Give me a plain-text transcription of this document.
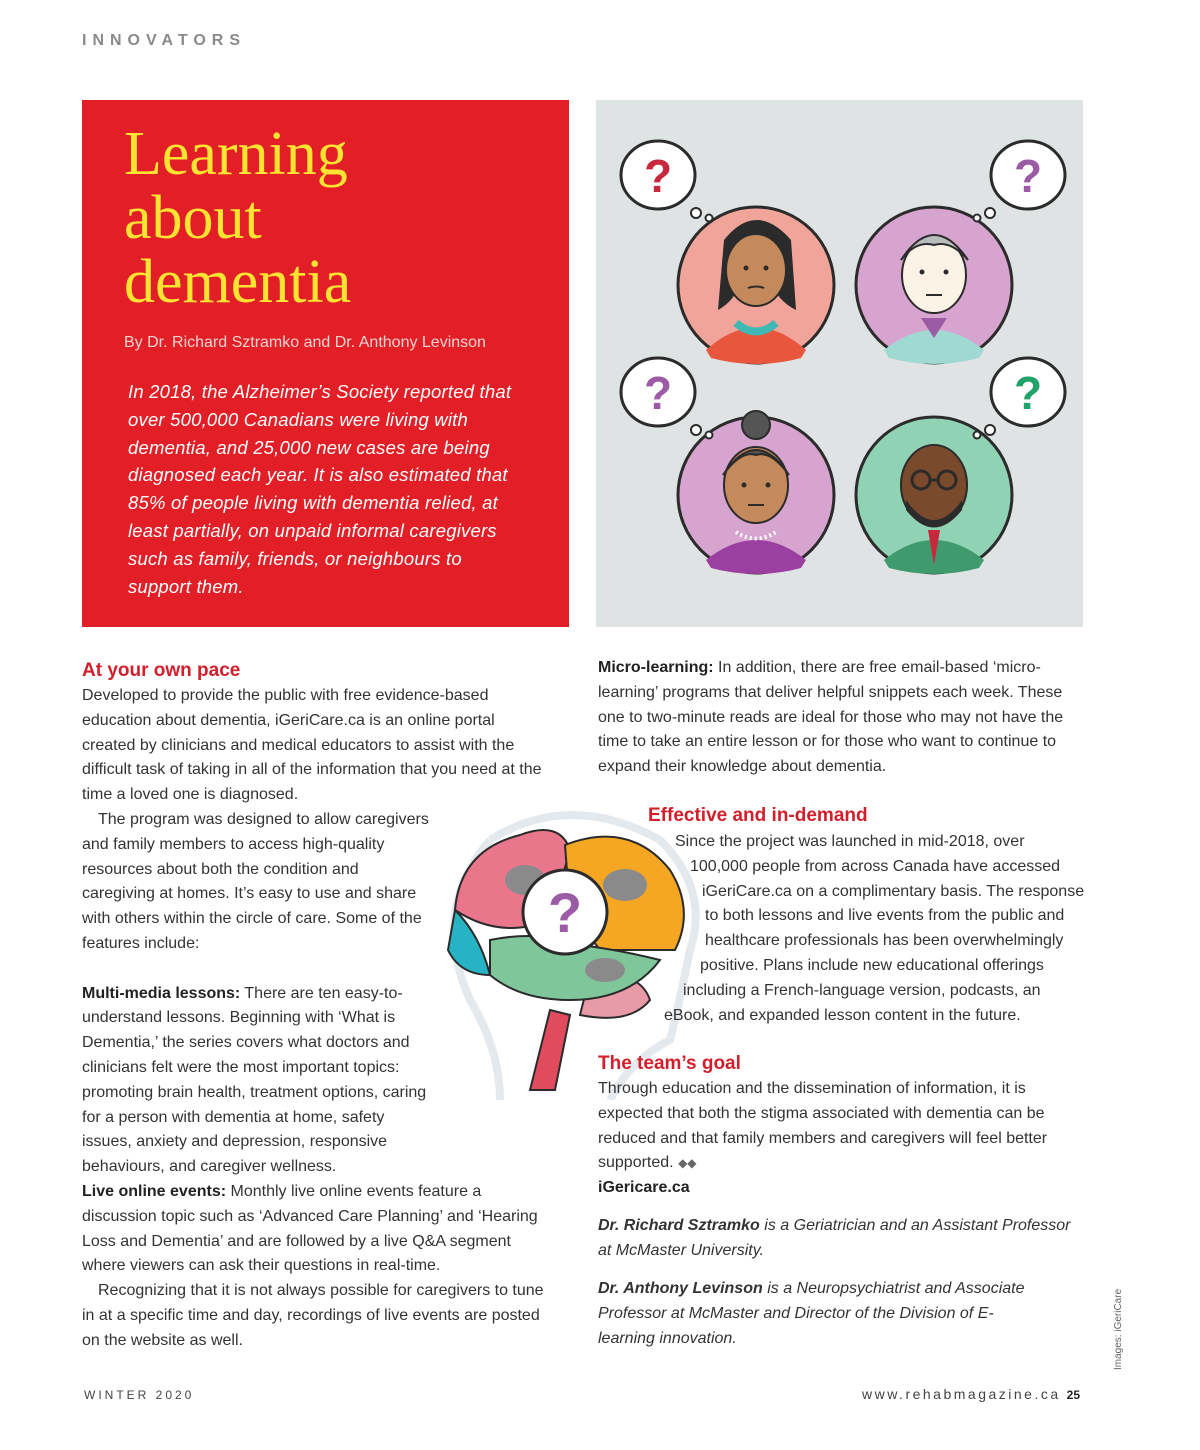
INNOVATORS
Learning
about
dementia
By Dr. Richard Sztramko and Dr. Anthony Levinson
In 2018, the Alzheimer’s Society reported that over 500,000 Canadians were living with dementia, and 25,000 new cases are being diagnosed each year. It is also estimated that 85% of people living with dementia relied, at least partially, on unpaid informal caregivers such as family, friends, or neighbours to support them.
?	?
?	?
At your own pace

Developed to provide the public with free evidence-based education about dementia, iGeriCare.ca is an online portal created by clinicians and medical educators to assist with the difficult task of taking in all of the information that you need at the time a loved one is diagnosed.

The program was designed to allow caregivers and family members to access high-quality resources about both the condition and caregiving at homes. It’s easy to use and share with others within the circle of care. Some of the features include:

Multi-media lessons: There are ten easy-to-understand lessons. Beginning with ‘What is Dementia,’ the series covers what doctors and clinicians felt were the most important topics: promoting brain health, treatment options, caring for a person with dementia at home, safety issues, anxiety and depression, responsive behaviours, and caregiver wellness.

Live online events: Monthly live online events feature a discussion topic such as ‘Advanced Care Planning’ and ‘Hearing Loss and Dementia’ and are followed by a live Q&A segment where viewers can ask their questions in real-time.

Recognizing that it is not always possible for caregivers to tune in at a specific time and day, recordings of live events are posted on the website as well.

?

Micro-learning: In addition, there are free email-based ‘micro-learning’ programs that deliver helpful snippets each week. These one to two-minute reads are ideal for those who may not have the time to take an entire lesson or for those who want to continue to expand their knowledge about dementia.

Effective and in-demand
Since the project was launched in mid-2018, over
100,000 people from across Canada have accessed
iGeriCare.ca on a complimentary basis. The response
to both lessons and live events from the public and
healthcare professionals has been overwhelmingly
positive. Plans include new educational offerings
including a French-language version, podcasts, an
eBook, and expanded lesson content in the future.
The team’s goal

Through education and the dissemination of information, it is expected that both the stigma associated with dementia can be reduced and that family members and caregivers will feel better supported. ◆◆

iGericare.ca

Dr. Richard Sztramko is a Geriatrician and an Assistant Professor at McMaster University.

Dr. Anthony Levinson is a Neuropsychiatrist and Associate Professor at McMaster and Director of the Division of E-learning innovation.

WINTER 2020	www.rehabmagazine.ca 25
Images: iGeriCare
